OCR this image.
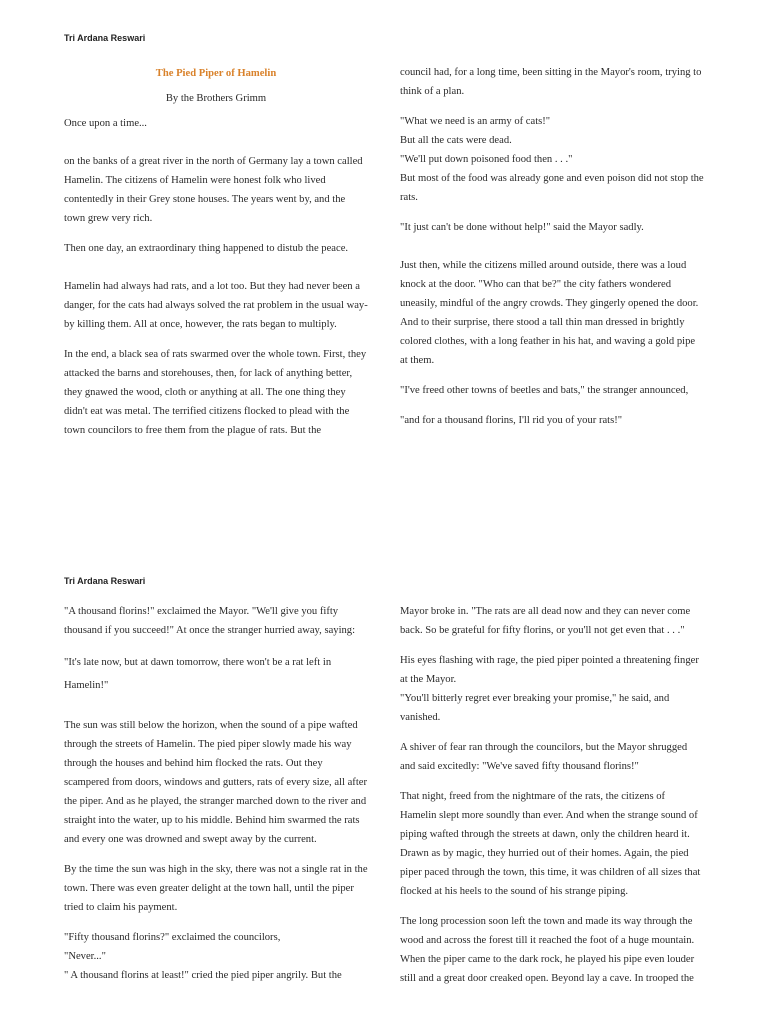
Tri Ardana Reswari

The Pied Piper of Hamelin

By the Brothers Grimm

Once upon a time...

on the banks of a great river in the north of Germany lay a town called Hamelin. The citizens of Hamelin were honest folk who lived contentedly in their Grey stone houses. The years went by, and the town grew very rich.

Then one day, an extraordinary thing happened to distub the peace.

Hamelin had always had rats, and a lot too. But they had never been a danger, for the cats had always solved the rat problem in the usual way- by killing them. All at once, however, the rats began to multiply.

In the end, a black sea of rats swarmed over the whole town. First, they attacked the barns and storehouses, then, for lack of anything better, they gnawed the wood, cloth or anything at all. The one thing they didn't eat was metal. The terrified citizens flocked to plead with the town councilors to free them from the plague of rats. But the

council had, for a long time, been sitting in the Mayor's room, trying to think of a plan.

"What we need is an army of cats!"
But all the cats were dead.
"We'll put down poisoned food then . . ."
But most of the food was already gone and even poison did not stop the rats.

"It just can't be done without help!" said the Mayor sadly.

Just then, while the citizens milled around outside, there was a loud knock at the door. "Who can that be?" the city fathers wondered uneasily, mindful of the angry crowds. They gingerly opened the door. And to their surprise, there stood a tall thin man dressed in brightly colored clothes, with a long feather in his hat, and waving a gold pipe at them.

"I've freed other towns of beetles and bats," the stranger announced,

"and for a thousand florins, I'll rid you of your rats!"

Tri Ardana Reswari

"A thousand florins!" exclaimed the Mayor. "We'll give you fifty thousand if you succeed!" At once the stranger hurried away, saying:

"It's late now, but at dawn tomorrow, there won't be a rat left in Hamelin!"

The sun was still below the horizon, when the sound of a pipe wafted through the streets of Hamelin. The pied piper slowly made his way through the houses and behind him flocked the rats. Out they scampered from doors, windows and gutters, rats of every size, all after the piper. And as he played, the stranger marched down to the river and straight into the water, up to his middle. Behind him swarmed the rats and every one was drowned and swept away by the current.

By the time the sun was high in the sky, there was not a single rat in the town. There was even greater delight at the town hall, until the piper tried to claim his payment.

"Fifty thousand florins?" exclaimed the councilors,
"Never..."
" A thousand florins at least!" cried the pied piper angrily. But the

Mayor broke in. "The rats are all dead now and they can never come back. So be grateful for fifty florins, or you'll not get even that . . ."

His eyes flashing with rage, the pied piper pointed a threatening finger at the Mayor.
"You'll bitterly regret ever breaking your promise," he said, and vanished.

A shiver of fear ran through the councilors, but the Mayor shrugged and said excitedly: "We've saved fifty thousand florins!"

That night, freed from the nightmare of the rats, the citizens of Hamelin slept more soundly than ever. And when the strange sound of piping wafted through the streets at dawn, only the children heard it. Drawn as by magic, they hurried out of their homes. Again, the pied piper paced through the town, this time, it was children of all sizes that flocked at his heels to the sound of his strange piping.

The long procession soon left the town and made its way through the wood and across the forest till it reached the foot of a huge mountain. When the piper came to the dark rock, he played his pipe even louder still and a great door creaked open. Beyond lay a cave. In trooped the
